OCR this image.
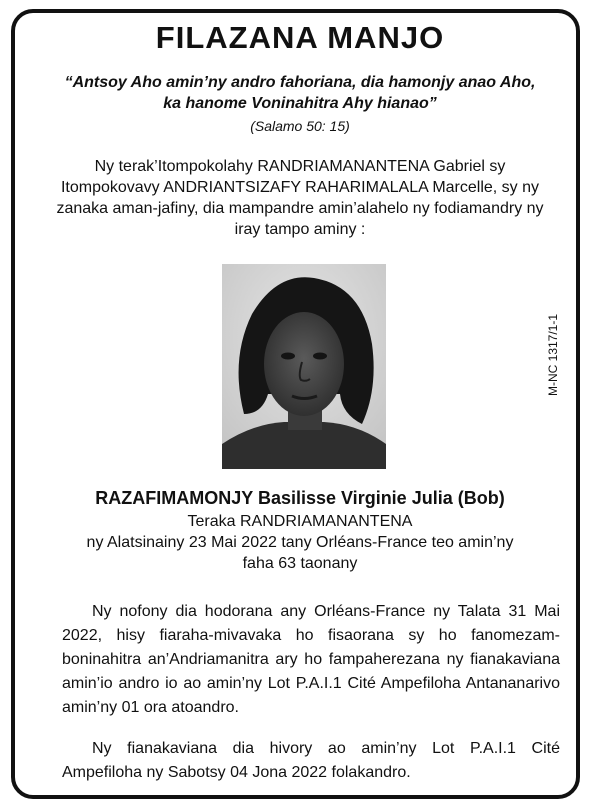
FILAZANA MANJO
“Antsoy Aho amin’ny andro fahoriana, dia hamonjy anao Aho,
ka hanome Voninahitra Ahy hianao”
(Salamo 50: 15)
Ny terak’Itompokolahy RANDRIAMANANTENA Gabriel sy
Itompokovavy ANDRIANTSIZAFY RAHARIMALALA Marcelle, sy ny
zanaka aman-jafiny, dia mampandre amin’alahelo ny fodiamandry ny
iray tampo aminy :
M-NC 1317/1-1
RAZAFIMAMONJY Basilisse Virginie Julia (Bob)
Teraka RANDRIAMANANTENA
ny Alatsinainy 23 Mai 2022 tany Orléans-France teo amin’ny
faha 63 taonany
Ny nofony dia hodorana any Orléans-France ny Talata 31 Mai
2022, hisy fiaraha-mivavaka ho fisaorana sy ho fanomezam-
boninahitra an’Andriamanitra ary ho fampaherezana ny fianakaviana
amin’io andro io ao amin’ny Lot P.A.I.1 Cité Ampefiloha Antananarivo
amin’ny 01 ora atoandro.
Ny fianakaviana dia hivory ao amin’ny Lot P.A.I.1 Cité
Ampefiloha ny Sabotsy 04 Jona 2022 folakandro.
